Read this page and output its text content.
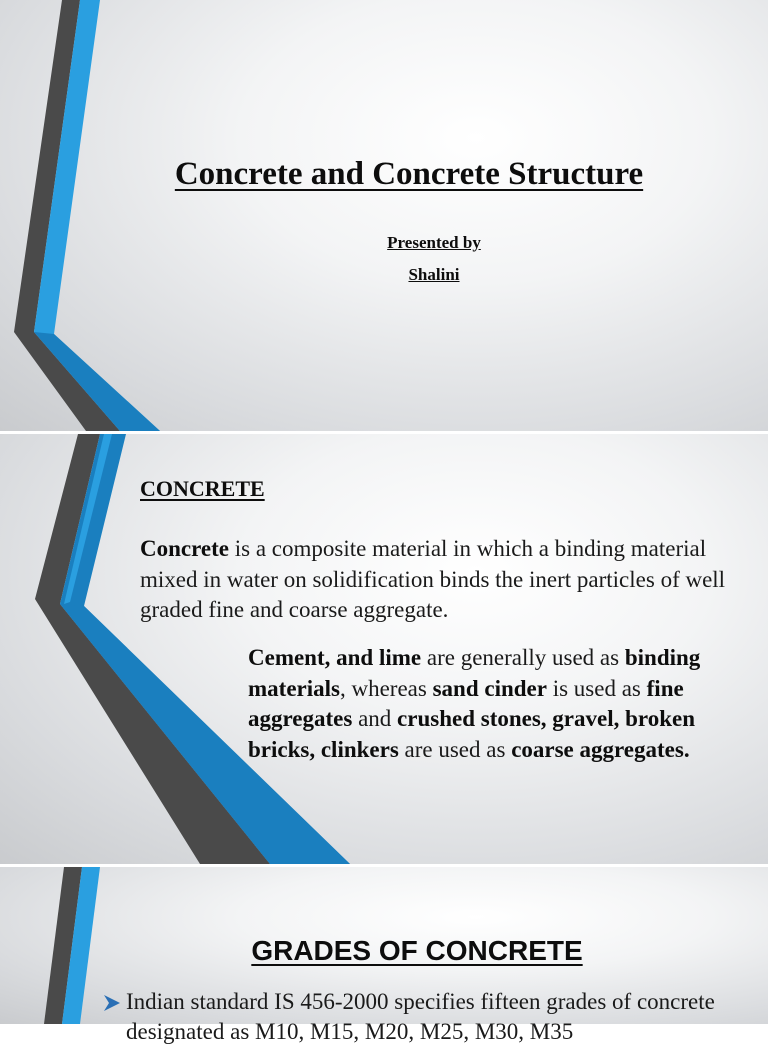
Concrete and Concrete Structure
Presented by
Shalini
CONCRETE
Concrete is a composite material in which a binding material mixed in water on solidification binds the inert particles of well graded fine and coarse aggregate.
Cement, and lime are generally used as binding materials, whereas sand cinder is used as fine aggregates and crushed stones, gravel, broken bricks, clinkers are used as coarse aggregates.
GRADES OF CONCRETE
Indian standard IS 456-2000 specifies fifteen grades of concrete designated as M10, M15, M20, M25, M30, M35
